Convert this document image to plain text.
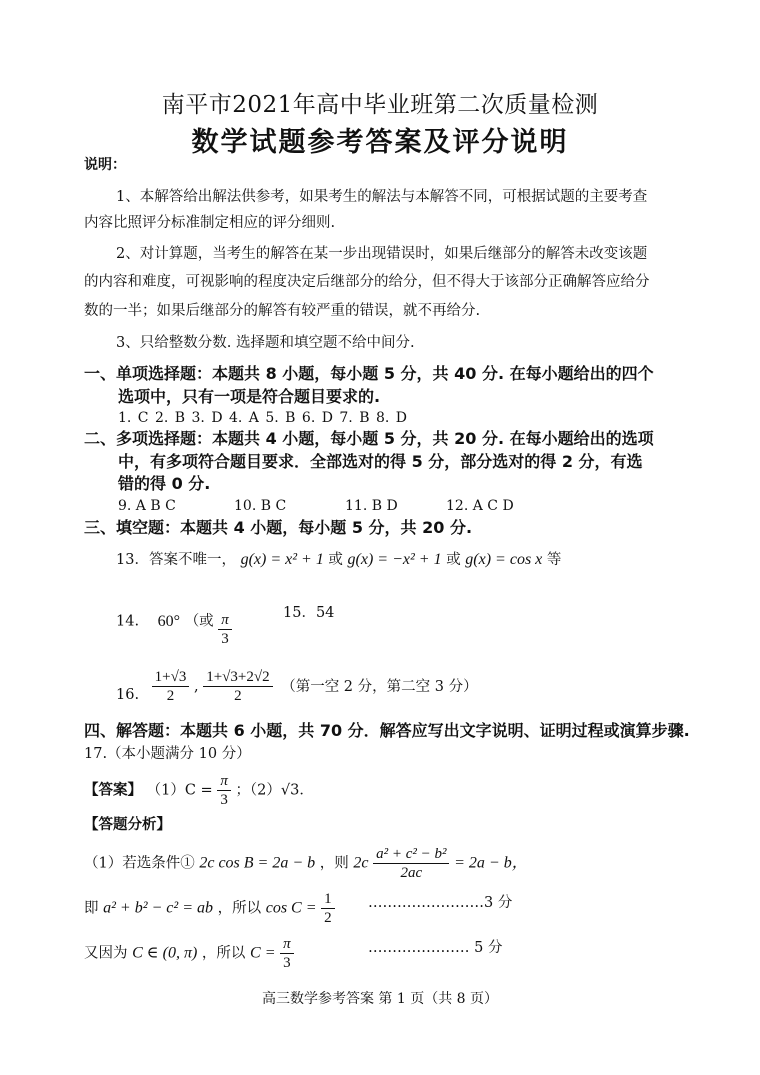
南平市2021年高中毕业班第二次质量检测
数学试题参考答案及评分说明
说明：
1、本解答给出解法供参考，如果考生的解法与本解答不同，可根据试题的主要考查
内容比照评分标准制定相应的评分细则.
2、对计算题，当考生的解答在某一步出现错误时，如果后继部分的解答未改变该题
的内容和难度，可视影响的程度决定后继部分的给分，但不得大于该部分正确解答应给分
数的一半；如果后继部分的解答有较严重的错误，就不再给分.
3、只给整数分数. 选择题和填空题不给中间分.
一、单项选择题：本题共 8 小题，每小题 5 分，共 40 分. 在每小题给出的四个
选项中，只有一项是符合题目要求的.
1. C 2. B 3. D 4. A 5. B 6. D 7. B 8. D
二、多项选择题：本题共 4 小题，每小题 5 分，共 20 分. 在每小题给出的选项
中，有多项符合题目要求．全部选对的得 5 分，部分选对的得 2 分，有选
错的得 0 分.
9. A B C	10. B C	11. B D	12. A C D
三、填空题：本题共 4 小题，每小题 5 分，共 20 分.
13．答案不唯一， g(x) = x² + 1 或 g(x) = −x² + 1 或 g(x) = cos x 等
14. 60° （或 $\frac{\pi}{3}$	15．54
16. $\frac{1+√3}{2}$ , $\frac{1+√3+2√2}{2}$ （第一空 2 分，第二空 3 分）
四、解答题：本题共 6 小题，共 70 分．解答应写出文字说明、证明过程或演算步骤.
17.（本小题满分 10 分）
【答案】 $(1)C = \frac{\pi}{3}$ ；（2）√3．
【答题分析】
（1）若选条件① 2c cos B = 2a − b ，则 $2c \frac{\text{a² + c² − b²}}{2ac} = 2a - b$，
即 a² + b² − c² = ab ，所以 $\cos C = \frac{1}{2}$ ……………………3 分
又因为 C ∈ (0, π) ，所以 $C = \frac{\pi}{3}$	………………… 5 分
高三数学参考答案 第 1 页（共 8 页）
